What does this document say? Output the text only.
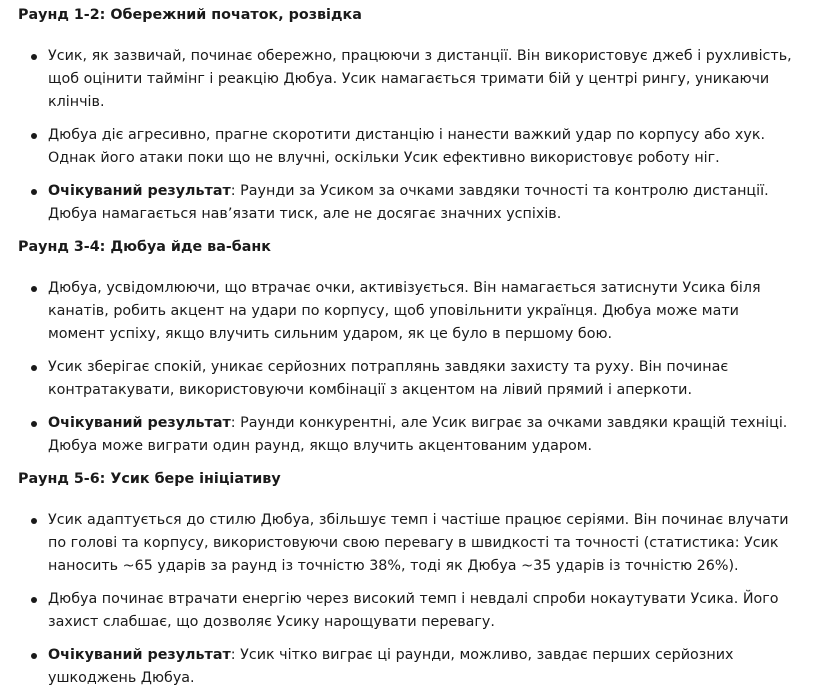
Раунд 1-2: Обережний початок, розвідка

Усик, як зазвичай, починає обережно, працюючи з дистанції. Він використовує джеб і рухливість, щоб оцінити таймінг і реакцію Дюбуа. Усик намагається тримати бій у центрі рингу, уникаючи клінчів.
Дюбуа діє агресивно, прагне скоротити дистанцію і нанести важкий удар по корпусу або хук. Однак його атаки поки що не влучні, оскільки Усик ефективно використовує роботу ніг.
Очікуваний результат: Раунди за Усиком за очками завдяки точності та контролю дистанції. Дюбуа намагається нав’язати тиск, але не досягає значних успіхів.

Раунд 3-4: Дюбуа йде ва-банк

Дюбуа, усвідомлюючи, що втрачає очки, активізується. Він намагається затиснути Усика біля канатів, робить акцент на удари по корпусу, щоб уповільнити українця. Дюбуа може мати момент успіху, якщо влучить сильним ударом, як це було в першому бою.
Усик зберігає спокій, уникає серйозних потраплянь завдяки захисту та руху. Він починає контратакувати, використовуючи комбінації з акцентом на лівий прямий і аперкоти.
Очікуваний результат: Раунди конкурентні, але Усик виграє за очками завдяки кращій техніці. Дюбуа може виграти один раунд, якщо влучить акцентованим ударом.

Раунд 5-6: Усик бере ініціативу

Усик адаптується до стилю Дюбуа, збільшує темп і частіше працює серіями. Він починає влучати по голові та корпусу, використовуючи свою перевагу в швидкості та точності (статистика: Усик наносить ~65 ударів за раунд із точністю 38%, тоді як Дюбуа ~35 ударів із точністю 26%).
Дюбуа починає втрачати енергію через високий темп і невдалі спроби нокаутувати Усика. Його захист слабшає, що дозволяє Усику нарощувати перевагу.
Очікуваний результат: Усик чітко виграє ці раунди, можливо, завдає перших серйозних ушкоджень Дюбуа.
